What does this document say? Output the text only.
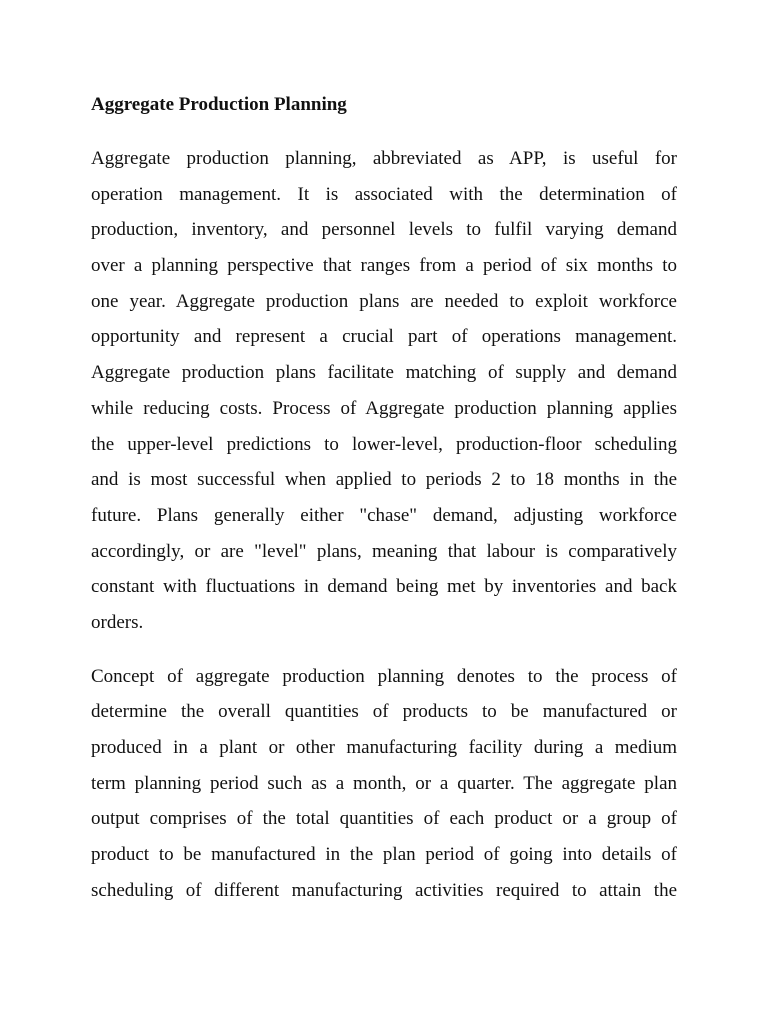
Aggregate Production Planning
Aggregate production planning, abbreviated as APP, is useful for
operation management. It is associated with the determination of
production, inventory, and personnel levels to fulfil varying demand
over a planning perspective that ranges from a period of six months to
one year. Aggregate production plans are needed to exploit workforce
opportunity and represent a crucial part of operations management.
Aggregate production plans facilitate matching of supply and demand
while reducing costs. Process of Aggregate production planning applies
the upper-level predictions to lower-level, production-floor scheduling
and is most successful when applied to periods 2 to 18 months in the
future. Plans generally either "chase" demand, adjusting workforce
accordingly, or are "level" plans, meaning that labour is comparatively
constant with fluctuations in demand being met by inventories and back
orders.
Concept of aggregate production planning denotes to the process of
determine the overall quantities of products to be manufactured or
produced in a plant or other manufacturing facility during a medium
term planning period such as a month, or a quarter. The aggregate plan
output comprises of the total quantities of each product or a group of
product to be manufactured in the plan period of going into details of
scheduling of different manufacturing activities required to attain the
